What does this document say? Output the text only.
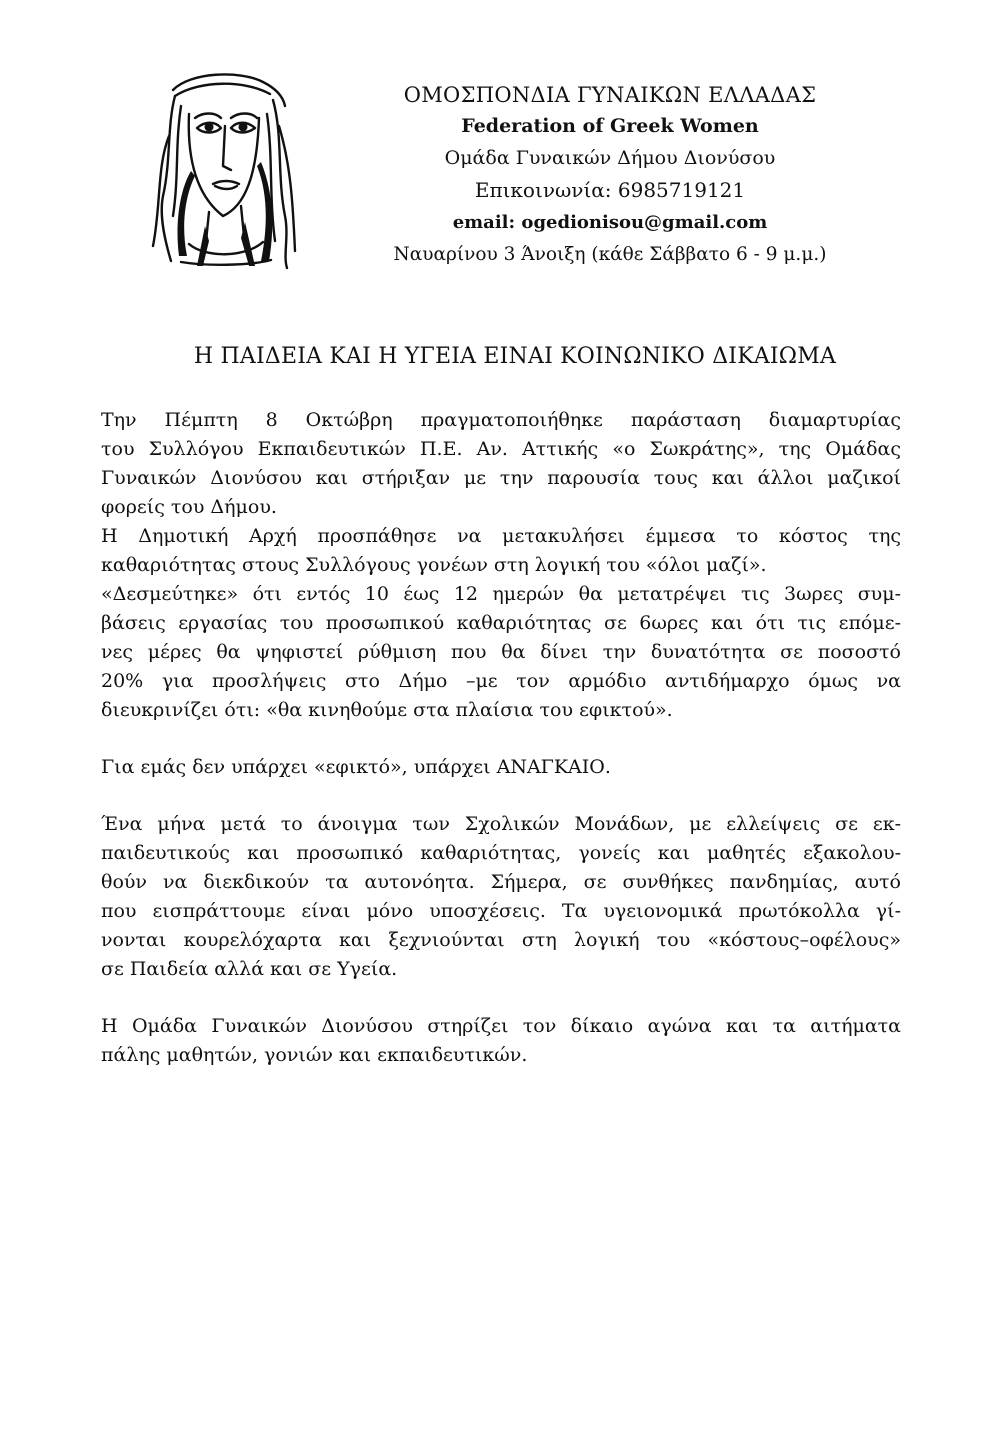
ΟΜΟΣΠΟΝΔΙΑ ΓΥΝΑΙΚΩΝ ΕΛΛΑΔΑΣ
Federation of Greek Women
Ομάδα Γυναικών Δήμου Διονύσου
Επικοινωνία: 6985719121
email: ogedionisou@gmail.com
Ναυαρίνου 3 Άνοιξη (κάθε Σάββατο 6 - 9 μ.μ.)
Η ΠΑΙΔΕΙΑ ΚΑΙ Η ΥΓΕΙΑ ΕΙΝΑΙ ΚΟΙΝΩΝΙΚΟ ΔΙΚΑΙΩΜΑ
Την Πέμπτη 8 Οκτώβρη πραγματοποιήθηκε παράσταση διαμαρτυρίας
του Συλλόγου Εκπαιδευτικών Π.Ε. Αν. Αττικής «ο Σωκράτης», της Ομάδας
Γυναικών Διονύσου και στήριξαν με την παρουσία τους και άλλοι μαζικοί
φορείς του Δήμου.
Η Δημοτική Αρχή προσπάθησε να μετακυλήσει έμμεσα το κόστος της
καθαριότητας στους Συλλόγους γονέων στη λογική του «όλοι μαζί».
«Δεσμεύτηκε» ότι εντός 10 έως 12 ημερών θα μετατρέψει τις 3ωρες συμ-
βάσεις εργασίας του προσωπικού καθαριότητας σε 6ωρες και ότι τις επόμε-
νες μέρες θα ψηφιστεί ρύθμιση που θα δίνει την δυνατότητα σε ποσοστό
20% για προσλήψεις στο Δήμο –με τον αρμόδιο αντιδήμαρχο όμως να
διευκρινίζει ότι: «θα κινηθούμε στα πλαίσια του εφικτού».
Για εμάς δεν υπάρχει «εφικτό», υπάρχει ΑΝΑΓΚΑΙΟ.
Ένα μήνα μετά το άνοιγμα των Σχολικών Μονάδων, με ελλείψεις σε εκ-
παιδευτικούς και προσωπικό καθαριότητας, γονείς και μαθητές εξακολου-
θούν να διεκδικούν τα αυτονόητα. Σήμερα, σε συνθήκες πανδημίας, αυτό
που εισπράττουμε είναι μόνο υποσχέσεις. Τα υγειονομικά πρωτόκολλα γί-
νονται κουρελόχαρτα και ξεχνιούνται στη λογική του «κόστους–οφέλους»
σε Παιδεία αλλά και σε Υγεία.
Η Ομάδα Γυναικών Διονύσου στηρίζει τον δίκαιο αγώνα και τα αιτήματα
πάλης μαθητών, γονιών και εκπαιδευτικών.
